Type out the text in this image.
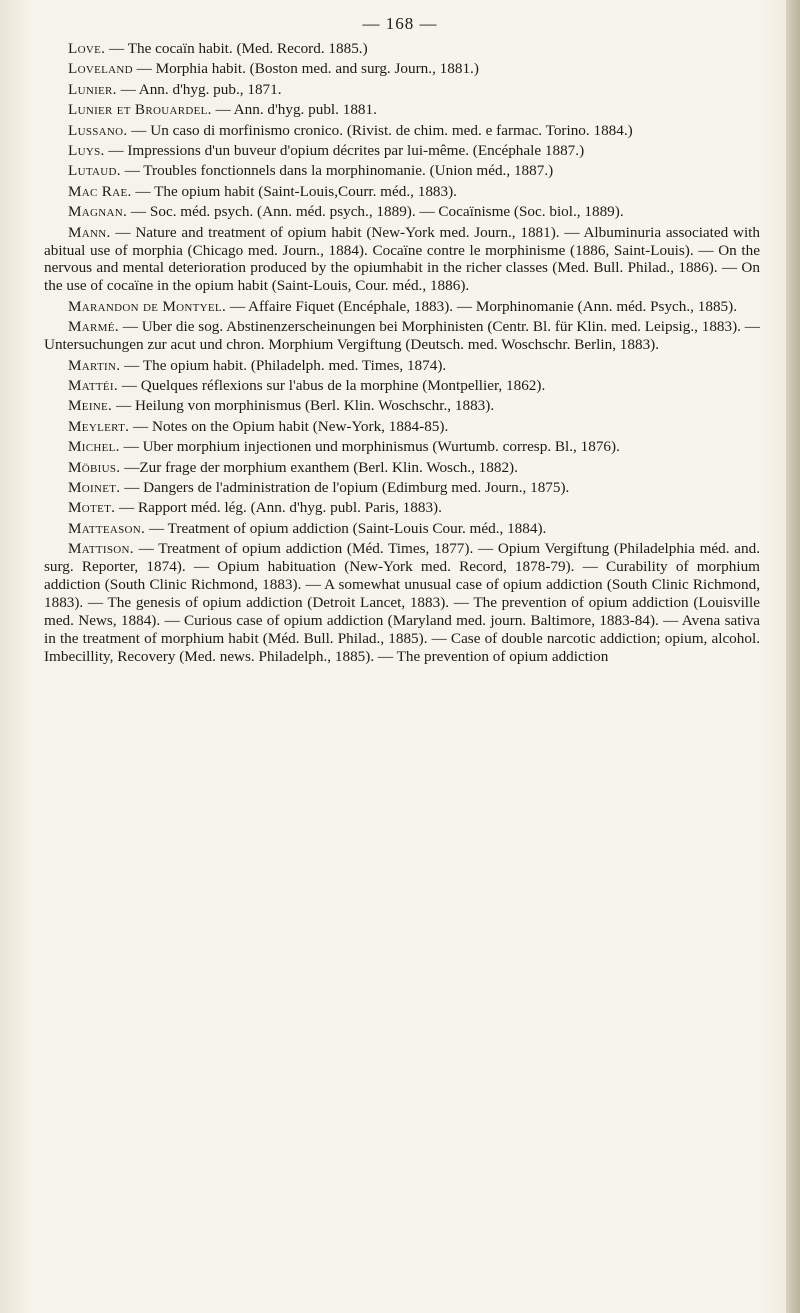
— 168 —

Love. — The cocaïn habit. (Med. Record. 1885.)

Loveland — Morphia habit. (Boston med. and surg. Journ., 1881.)

Lunier. — Ann. d'hyg. pub., 1871.

Lunier et Brouardel. — Ann. d'hyg. publ. 1881.

Lussano. — Un caso di morfinismo cronico. (Rivist. de chim. med. e farmac. Torino. 1884.)

Luys. — Impressions d'un buveur d'opium décrites par lui-même. (Encéphale 1887.)

Lutaud. — Troubles fonctionnels dans la morphinomanie. (Union méd., 1887.)

Mac Rae. — The opium habit (Saint-Louis,Courr. méd., 1883).

Magnan. — Soc. méd. psych. (Ann. méd. psych., 1889). — Cocaïnisme (Soc. biol., 1889).

Mann. — Nature and treatment of opium habit (New-York med. Journ., 1881). — Albuminuria associated with abitual use of morphia (Chicago med. Journ., 1884). Cocaïne contre le morphinisme (1886, Saint-Louis). — On the nervous and mental deterioration produced by the opiumhabit in the richer classes (Med. Bull. Philad., 1886). — On the use of cocaïne in the opium habit (Saint-Louis, Cour. méd., 1886).

Marandon de Montyel. — Affaire Fiquet (Encéphale, 1883). — Morphinomanie (Ann. méd. Psych., 1885).

Marmé. — Uber die sog. Abstinenzerscheinungen bei Morphinisten (Centr. Bl. für Klin. med. Leipsig., 1883). — Untersuchungen zur acut und chron. Morphium Vergiftung (Deutsch. med. Woschschr. Berlin, 1883).

Martin. — The opium habit. (Philadelph. med. Times, 1874).

Mattéi. — Quelques réflexions sur l'abus de la morphine (Montpellier, 1862).

Meine. — Heilung von morphinismus (Berl. Klin. Woschschr., 1883).

Meylert. — Notes on the Opium habit (New-York, 1884-85).

Michel. — Uber morphium injectionen und morphinismus (Wurtumb. corresp. Bl., 1876).

Möbius. —Zur frage der morphium exanthem (Berl. Klin. Wosch., 1882).

Moinet. — Dangers de l'administration de l'opium (Edimburg med. Journ., 1875).

Motet. — Rapport méd. lég. (Ann. d'hyg. publ. Paris, 1883).

Matteason. — Treatment of opium addiction (Saint-Louis Cour. méd., 1884).

Mattison. — Treatment of opium addiction (Méd. Times, 1877). — Opium Vergiftung (Philadelphia méd. and. surg. Reporter, 1874). — Opium habituation (New-York med. Record, 1878-79). — Curability of morphium addiction (South Clinic Richmond, 1883). — A somewhat unusual case of opium addiction (South Clinic Richmond, 1883). — The genesis of opium addiction (Detroit Lancet, 1883). — The prevention of opium addiction (Louisville med. News, 1884). — Curious case of opium addiction (Maryland med. journ. Baltimore, 1883-84). — Avena sativa in the treatment of morphium habit (Méd. Bull. Philad., 1885). — Case of double narcotic addiction; opium, alcohol. Imbecillity, Recovery (Med. news. Philadelph., 1885). — The prevention of opium addiction
